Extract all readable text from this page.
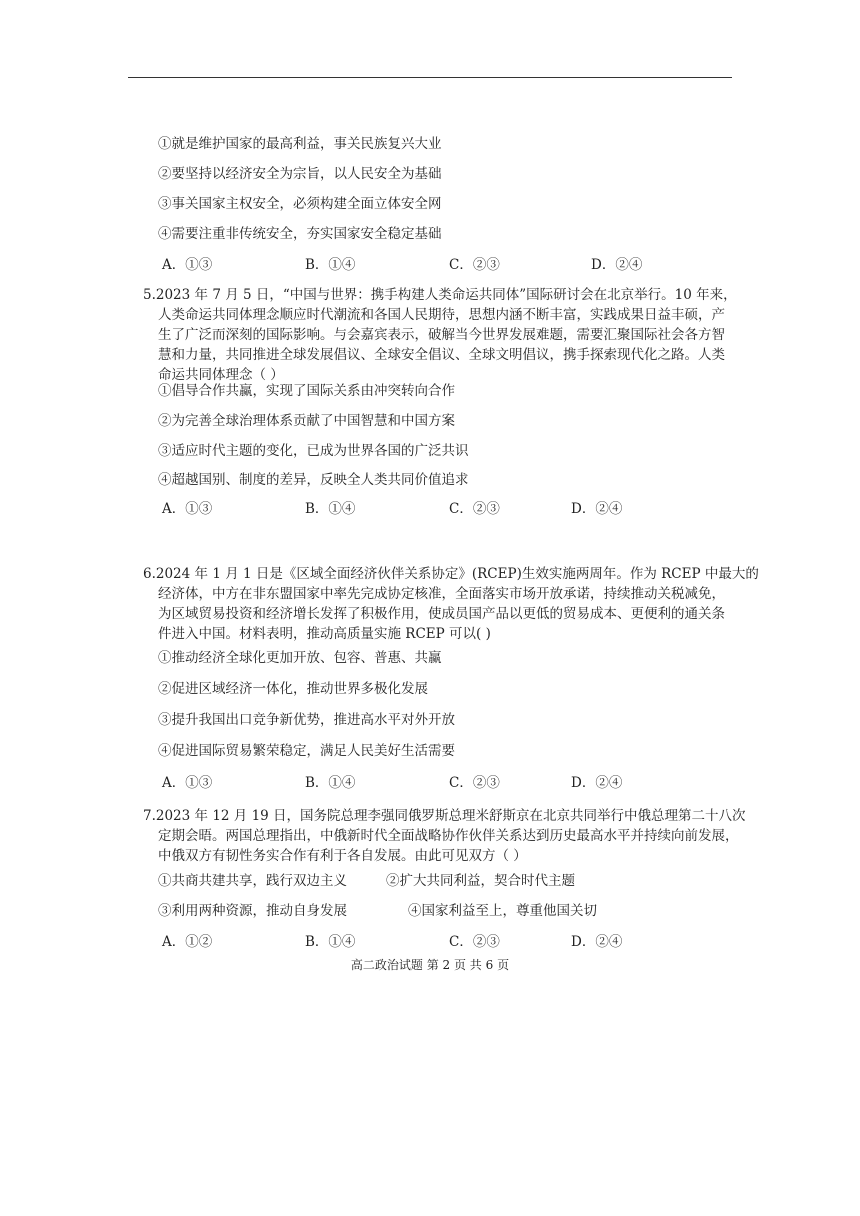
①就是维护国家的最高利益，事关民族复兴大业
②要坚持以经济安全为宗旨，以人民安全为基础
③事关国家主权安全，必须构建全面立体安全网
④需要注重非传统安全，夯实国家安全稳定基础
A．①③	B．①④	C．②③	D．②④
5.2023 年 7 月 5 日，“中国与世界：携手构建人类命运共同体”国际研讨会在北京举行。10 年来，
人类命运共同体理念顺应时代潮流和各国人民期待，思想内涵不断丰富，实践成果日益丰硕，产
生了广泛而深刻的国际影响。与会嘉宾表示，破解当今世界发展难题，需要汇聚国际社会各方智
慧和力量，共同推进全球发展倡议、全球安全倡议、全球文明倡议，携手探索现代化之路。人类
命运共同体理念（ ）
①倡导合作共赢，实现了国际关系由冲突转向合作
②为完善全球治理体系贡献了中国智慧和中国方案
③适应时代主题的变化，已成为世界各国的广泛共识
④超越国别、制度的差异，反映全人类共同价值追求
A．①③	B．①④	C．②③	D．②④
6.2024 年 1 月 1 日是《区域全面经济伙伴关系协定》(RCEP)生效实施两周年。作为 RCEP 中最大的
经济体，中方在非东盟国家中率先完成协定核准，全面落实市场开放承诺，持续推动关税减免，
为区域贸易投资和经济增长发挥了积极作用，使成员国产品以更低的贸易成本、更便利的通关条
件进入中国。材料表明，推动高质量实施 RCEP 可以( )
①推动经济全球化更加开放、包容、普惠、共赢
②促进区域经济一体化，推动世界多极化发展
③提升我国出口竞争新优势，推进高水平对外开放
④促进国际贸易繁荣稳定，满足人民美好生活需要
A．①③	B．①④	C．②③	D．②④
7.2023 年 12 月 19 日，国务院总理李强同俄罗斯总理米舒斯京在北京共同举行中俄总理第二十八次
定期会晤。两国总理指出，中俄新时代全面战略协作伙伴关系达到历史最高水平并持续向前发展，
中俄双方有韧性务实合作有利于各自发展。由此可见双方（ ）
①共商共建共享，践行双边主义	②扩大共同利益，契合时代主题
③利用两种资源，推动自身发展	④国家利益至上，尊重他国关切
A．①②	B．①④	C．②③	D．②④
高二政治试题 第 2 页 共 6 页
